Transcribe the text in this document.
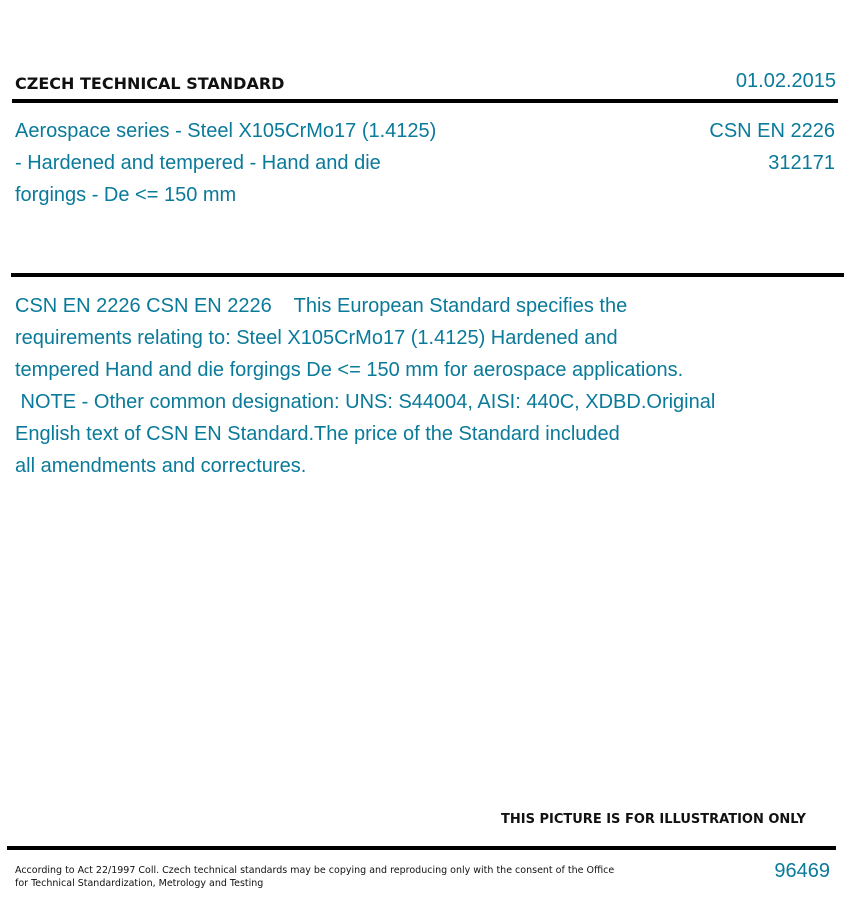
CZECH TECHNICAL STANDARD	01.02.2015
Aerospace series - Steel X105CrMo17 (1.4125)
- Hardened and tempered - Hand and die
forgings - De <= 150 mm
CSN EN 2226
312171
CSN EN 2226 CSN EN 2226    This European Standard specifies the
requirements relating to: Steel X105CrMo17 (1.4125) Hardened and
tempered Hand and die forgings De <= 150 mm for aerospace applications.
NOTE - Other common designation: UNS: S44004, AISI: 440C, XDBD.Original
English text of CSN EN Standard.The price of the Standard included
all amendments and correctures.
THIS PICTURE IS FOR ILLUSTRATION ONLY
According to Act 22/1997 Coll. Czech technical standards may be copying and reproducing only with the consent of the Office
for Technical Standardization, Metrology and Testing
96469
